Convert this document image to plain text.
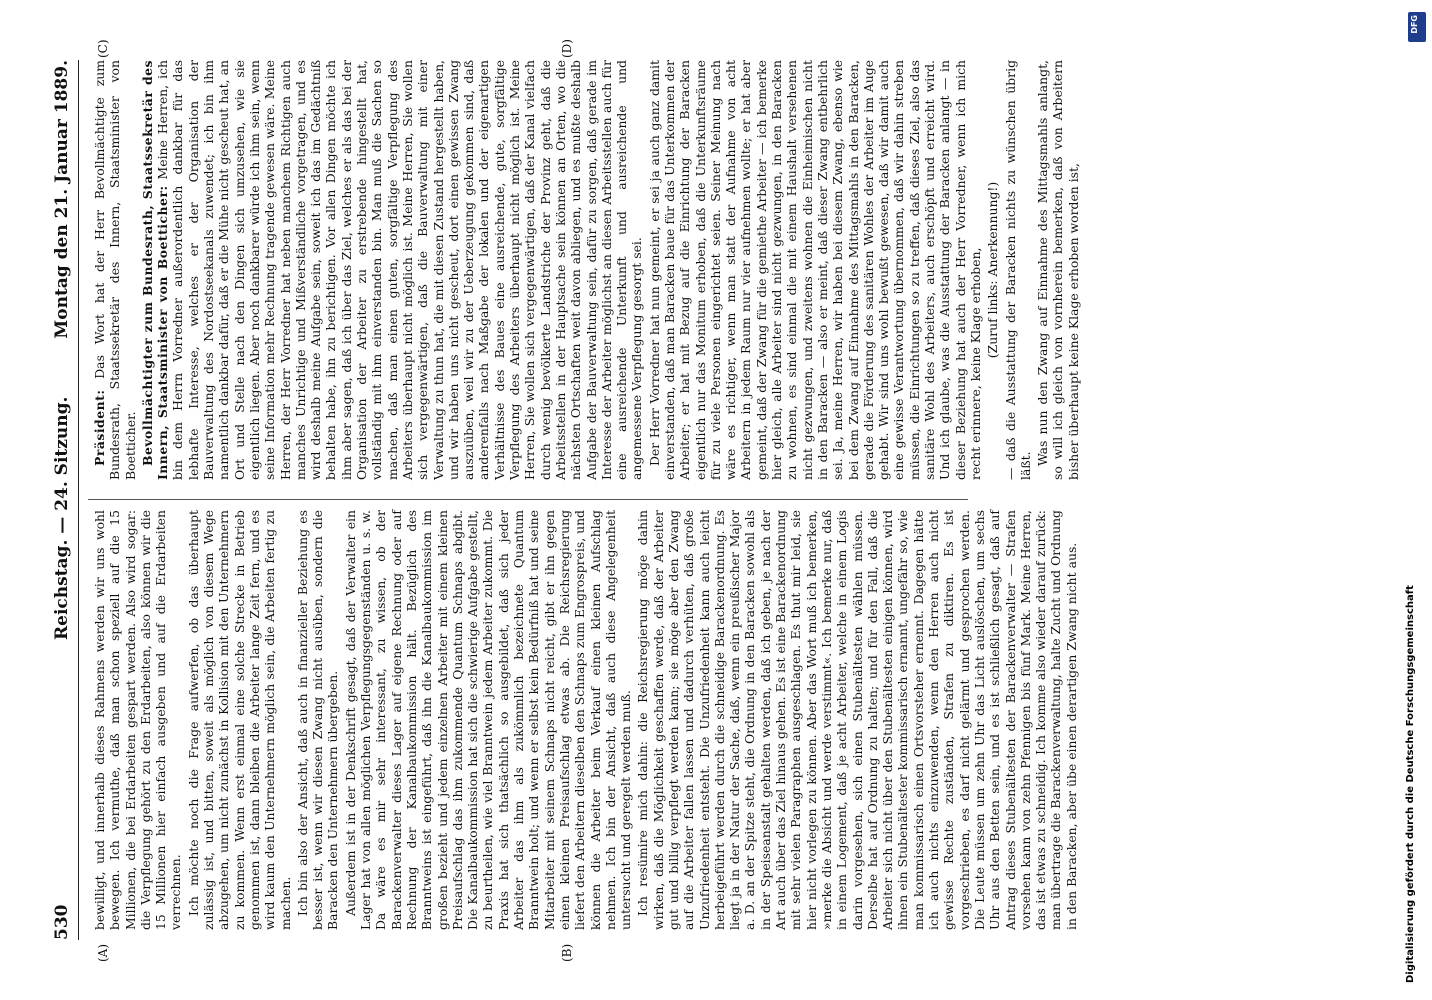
530
Reichstag. — 24. Sitzung.
Montag den 21. Januar 1889.
(A)	(B)
(C)	(D)

bewilligt, und innerhalb dieses Rahmens werden wir uns wohl bewegen. Ich vermuthe, daß man schon speziell auf die 15 Millionen, die bei Erdarbeiten gespart werden. Also wird sogar: die Verpflegung gehört zu den Erdarbeiten, also können wir die 15 Millionen hier einfach ausgeben und auf die Erdarbeiten verrechnen. Ich möchte noch die Frage aufwerfen, ob das überhaupt zulässig ist, und bitten, soweit als möglich von diesem Wege abzugehen, um nicht zunächst in Kollision mit den Unternehmern zu kommen. Wenn erst einmal eine solche Strecke in Betrieb genommen ist, dann bleiben die Arbeiter lange Zeit fern, und es wird kaum den Unternehmern möglich sein, die Arbeiten fertig zu machen. Ich bin also der Ansicht, daß auch in finanzieller Beziehung es besser ist, wenn wir diesen Zwang nicht ausüben, sondern die Baracken den Unternehmern übergeben. Außerdem ist in der Denkschrift gesagt, daß der Verwalter ein Lager hat von allen möglichen Verpflegungsgegenständen u. s. w. Da wäre es mir sehr interessant, zu wissen, ob der Barackenverwalter dieses Lager auf eigene Rechnung oder auf Rechnung der Kanalbaukommission hält. Bezüglich des Branntweins ist eingeführt, daß ihn die Kanalbaukommission im großen bezieht und jedem einzelnen Arbeiter mit einem kleinen Preisaufschlag das ihm zukommende Quantum Schnaps abgibt. Die Kanalbaukommission hat sich die schwierige Aufgabe gestellt, zu beurtheilen, wie viel Branntwein jedem Arbeiter zukommt. Die Praxis hat sich thatsächlich so ausgebildet, daß sich jeder Arbeiter das ihm als zukömmlich bezeichnete Quantum Branntwein holt; und wenn er selbst kein Bedürfniß hat und seine Mitarbeiter mit seinem Schnaps nicht reicht, gibt er ihn gegen einen kleinen Preisaufschlag etwas ab. Die Reichsregierung liefert den Arbeitern dieselben den Schnaps zum Engrospreis, und können die Arbeiter beim Verkauf einen kleinen Aufschlag nehmen. Ich bin der Ansicht, daß auch diese Angelegenheit untersucht und geregelt werden muß. Ich resümire mich dahin: die Reichsregierung möge dahin wirken, daß die Möglichkeit geschaffen werde, daß der Arbeiter gut und billig verpflegt werden kann; sie möge aber den Zwang auf die Arbeiter fallen lassen und dadurch verhüten, daß große Unzufriedenheit entsteht. Die Unzufriedenheit kann auch leicht herbeigeführt werden durch die schneidige Barackenordnung. Es liegt ja in der Natur der Sache, daß, wenn ein preußischer Major a. D. an der Spitze steht, die Ordnung in den Baracken sowohl als in der Speiseanstalt gehalten werden, daß ich geben, je nach der Art auch über das Ziel hinaus gehen. Es ist eine Barackenordnung mit sehr vielen Paragraphen ausgeschlagen. Es thut mir leid, sie hier nicht vorlegen zu können. Aber das Wort muß ich bemerken, »merke die Absicht und werde verstimmt«. Ich bemerke nur, daß in einem Logement, daß je acht Arbeiter, welche in einem Logis darin vorgesehen, sich einen Stubenältesten wählen müssen. Derselbe hat auf Ordnung zu halten; und für den Fall, daß die Arbeiter sich nicht über den Stubenältesten einigen können, wird ihnen ein Stubenältester kommissarisch ernannt, ungefähr so, wie man kommissarisch einen Ortsvorsteher ernennt. Dagegen hätte ich auch nichts einzuwenden, wenn den Herren auch nicht gewisse Rechte zuständen, Strafen zu diktiren. Es ist vorgeschrieben, es darf nicht gelärmt und gesprochen werden. Die Leute müssen um zehn Uhr das Licht auslöschen, um sechs Uhr aus den Betten sein, und es ist schließlich gesagt, daß auf Antrag dieses Stubenältesten der Barackenverwalter — Strafen vorsehen kann von zehn Pfennigen bis fünf Mark. Meine Herren, das ist etwas zu schneidig. Ich komme also wieder darauf zurück: man übertrage die Barackenverwaltung, halte Zucht und Ordnung in den Baracken, aber übe einen derartigen Zwang nicht aus.

Präsident: Das Wort hat der Herr Bevollmächtigte zum Bundesrath, Staatssekretär des Innern, Staatsminister von Boetticher. Bevollmächtigter zum Bundesrath, Staatssekretär des Innern, Staatsminister von Boetticher: Meine Herren, ich bin dem Herrn Vorredner außerordentlich dankbar für das lebhafte Interesse, welches er der Organisation der Bauverwaltung des Nordostseekanals zuwendet; ich bin ihm namentlich dankbar dafür, daß er die Mühe nicht gescheut hat, an Ort und Stelle nach den Dingen sich umzusehen, wie sie eigentlich liegen. Aber noch dankbarer würde ich ihm sein, wenn seine Information mehr Rechnung tragende gewesen wäre. Meine Herren, der Herr Vorredner hat neben manchem Richtigen auch manches Unrichtige und Mißverständliche vorgetragen, und es wird deshalb meine Aufgabe sein, soweit ich das im Gedächtniß behalten habe, ihn zu berichtigen. Vor allen Dingen möchte ich ihm aber sagen, daß ich über das Ziel, welches er als das bei der Organisation der Arbeiter zu erstrebende hingestellt hat, vollständig mit ihm einverstanden bin. Man muß die Sachen so machen, daß man einen guten, sorgfältige Verpflegung des Arbeiters überhaupt nicht möglich ist. Meine Herren, Sie wollen sich vergegenwärtigen, daß die Bauverwaltung mit einer Verwaltung zu thun hat, die mit diesen Zustand hergestellt haben, und wir haben uns nicht gescheut, dort einen gewissen Zwang auszuüben, weil wir zu der Ueberzeugung gekommen sind, daß anderenfalls nach Maßgabe der lokalen und der eigenartigen Verhältnisse des Baues eine ausreichende, gute, sorgfältige Verpflegung des Arbeiters überhaupt nicht möglich ist. Meine Herren, Sie wollen sich vergegenwärtigen, daß der Kanal vielfach durch wenig bevölkerte Landstriche der Provinz geht, daß die Arbeitsstellen in der Hauptsache sein können an Orten, wo die nächsten Ortschaften weit davon abliegen, und es mußte deshalb Aufgabe der Bauverwaltung sein, dafür zu sorgen, daß gerade im Interesse der Arbeiter möglichst an diesen Arbeitsstellen auch für eine ausreichende Unterkunft und ausreichende und angemessene Verpflegung gesorgt sei. Der Herr Vorredner hat nun gemeint, er sei ja auch ganz damit einverstanden, daß man Baracken baue für das Unterkommen der Arbeiter; er hat mit Bezug auf die Einrichtung der Baracken eigentlich nur das Monitum erhoben, daß die Unterkunftsräume für zu viele Personen eingerichtet seien. Seiner Meinung nach wäre es richtiger, wenn man statt der Aufnahme von acht Arbeitern in jedem Raum nur vier aufnehmen wollte; er hat aber gemeint, daß der Zwang für die gemiethe Arbeiter — ich bemerke hier gleich, alle Arbeiter sind nicht gezwungen, in den Baracken zu wohnen, es sind einmal die mit einem Haushalt versehenen nicht gezwungen, und zweitens wohnen die Einheimischen nicht in den Baracken — also er meint, daß dieser Zwang entbehrlich sei. Ja, meine Herren, wir haben bei diesem Zwang, ebenso wie bei dem Zwang auf Einnahme des Mittagsmahls in den Baracken, gerade die Förderung des sanitären Wohles der Arbeiter im Auge gehabt. Wir sind uns wohl bewußt gewesen, daß wir damit auch eine gewisse Verantwortung übernommen, daß wir dahin streben müssen, die Einrichtungen so zu treffen, daß dieses Ziel, also das sanitäre Wohl des Arbeiters, auch erschöpft und erreicht wird. Und ich glaube, was die Ausstattung der Baracken anlangt — in dieser Beziehung hat auch der Herr Vorredner, wenn ich mich recht erinnere, keine Klage erhoben, (Zuruf links: Anerkennung!) — daß die Ausstattung der Baracken nichts zu wünschen übrig läßt. Was nun den Zwang auf Einnahme des Mittagsmahls anlangt, so will ich gleich von vornherein bemerken, daß von Arbeitern bisher überhaupt keine Klage erhoben worden ist,

DFG
Digitalisierung gefördert durch die Deutsche Forschungsgemeinschaft
